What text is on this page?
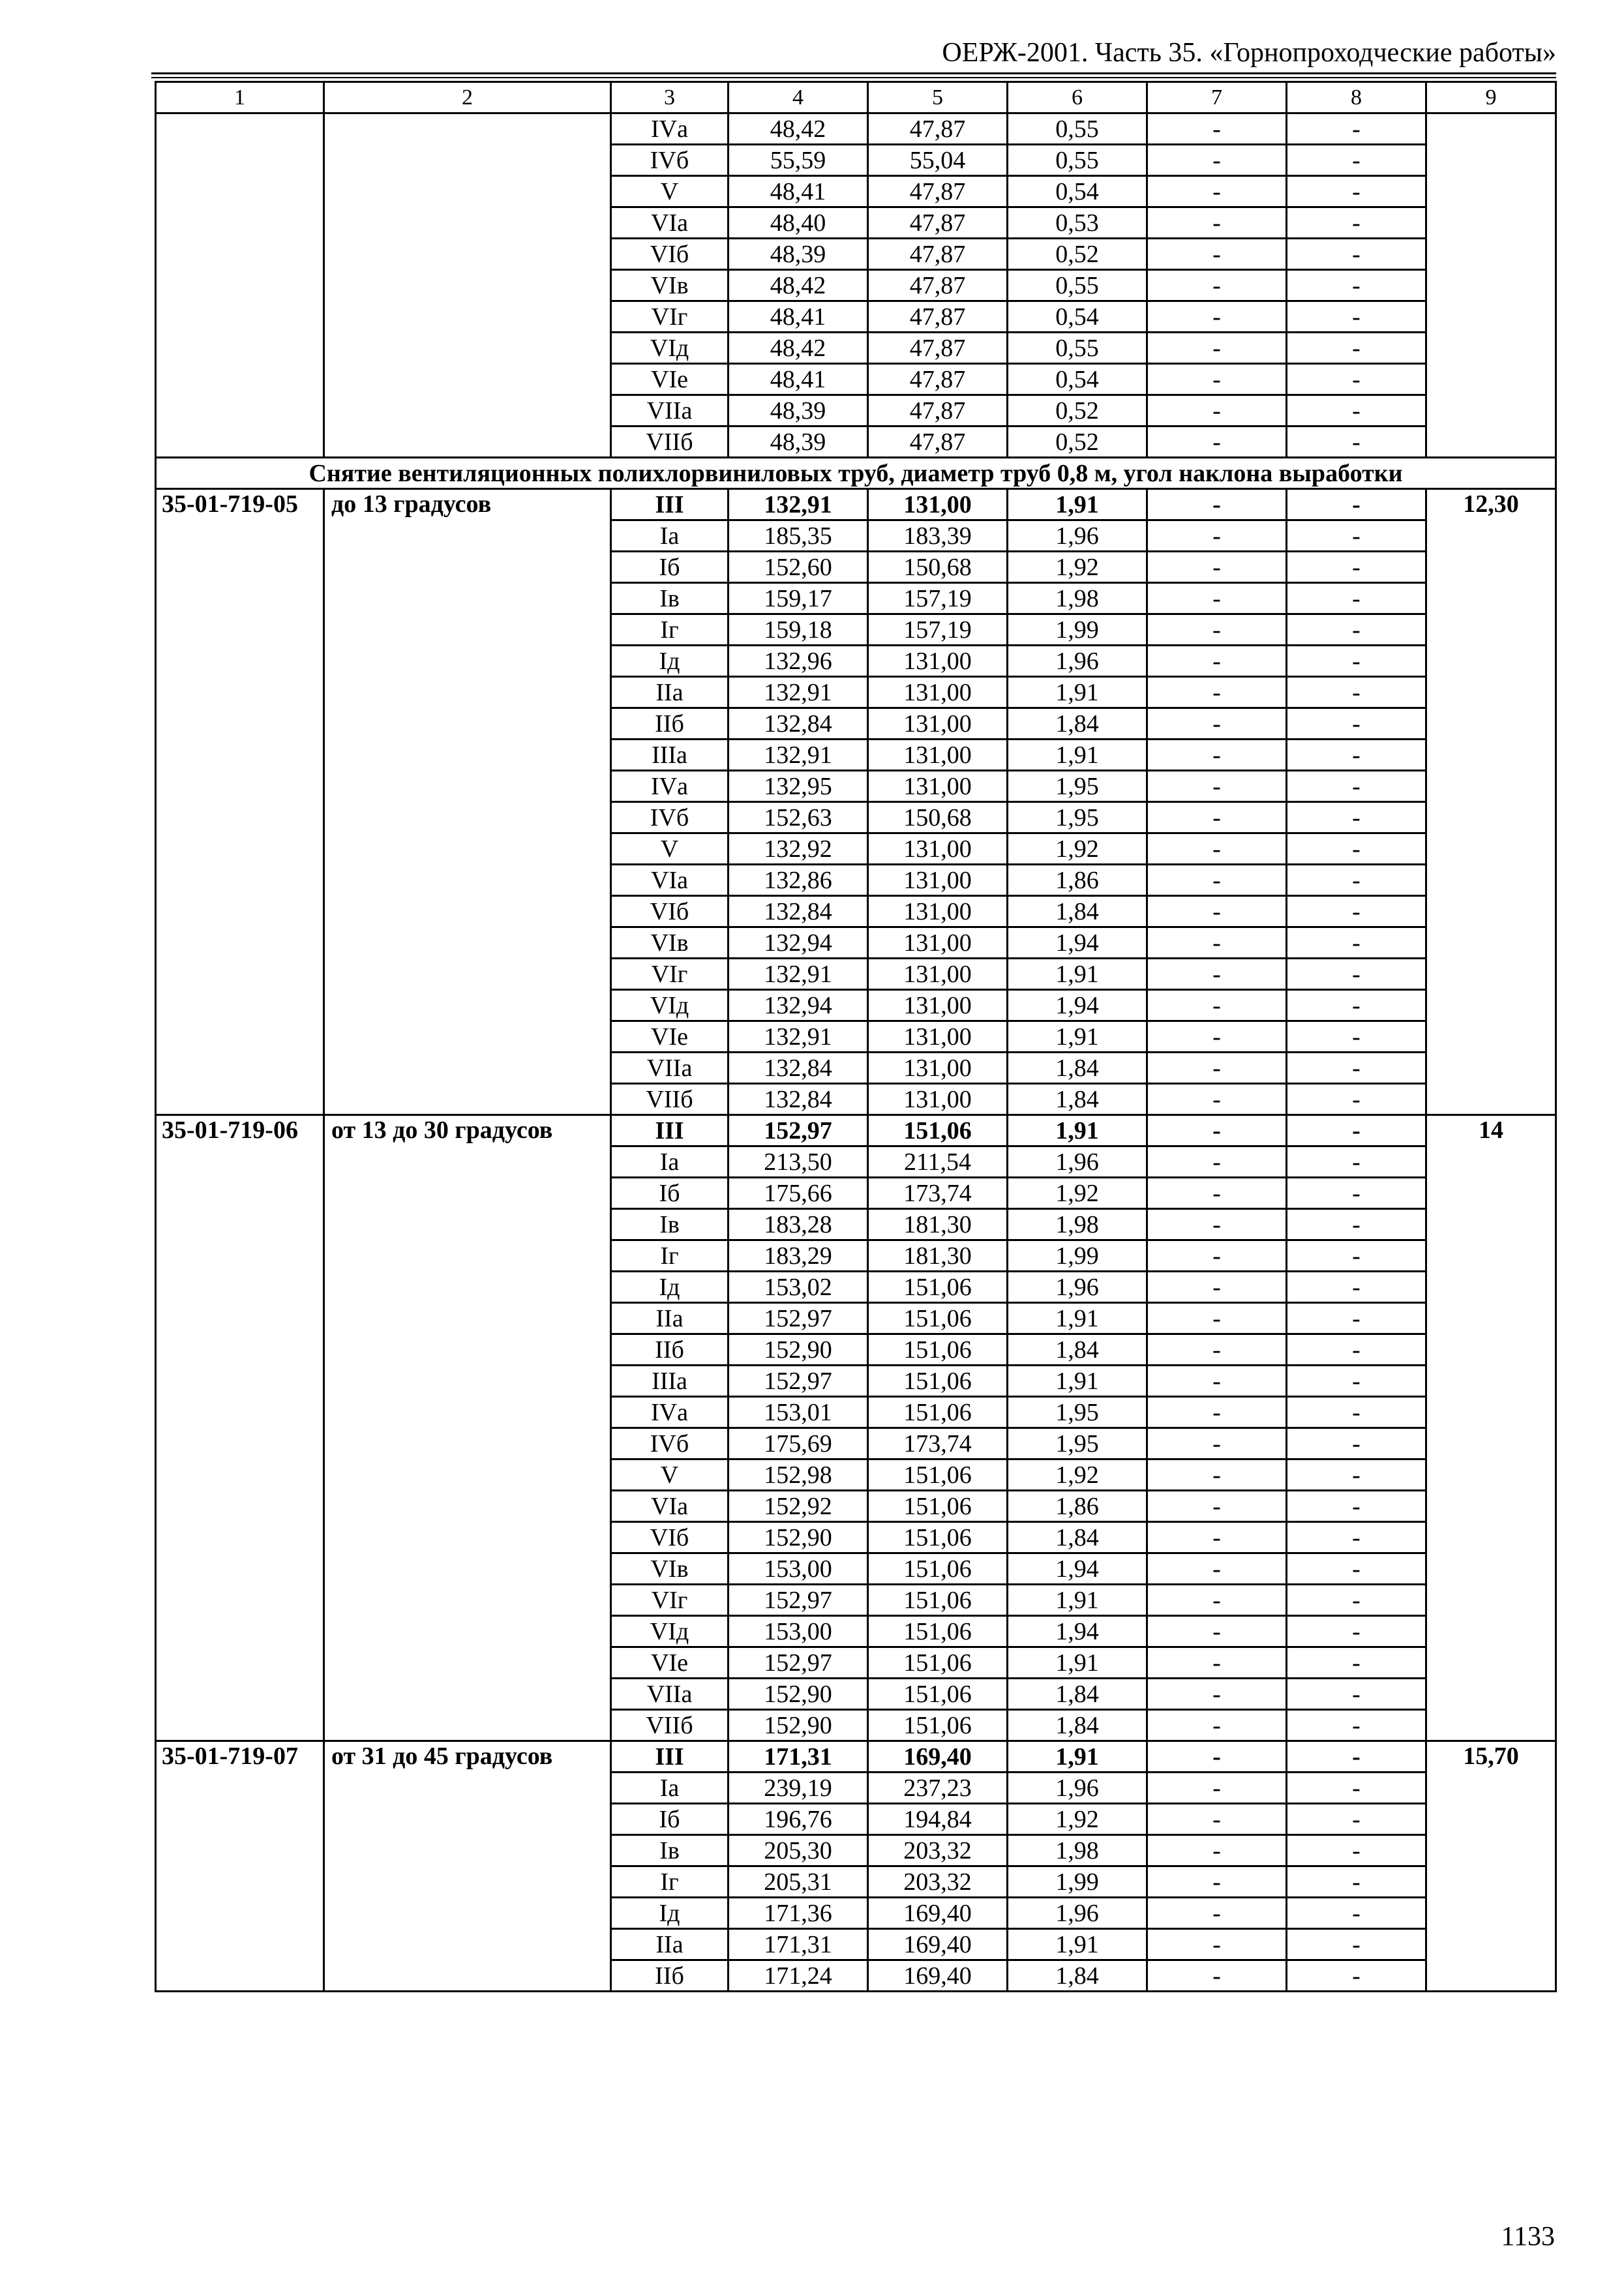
ОЕРЖ-2001. Часть 35. «Горнопроходческие работы»
1	2	3	4	5	6	7	8	9
		IVа	48,42	47,87	0,55	-	-	
		IVб	55,59	55,04	0,55	-	-	
		V	48,41	47,87	0,54	-	-	
		VIа	48,40	47,87	0,53	-	-	
		VIб	48,39	47,87	0,52	-	-	
		VIв	48,42	47,87	0,55	-	-	
		VIг	48,41	47,87	0,54	-	-	
		VIд	48,42	47,87	0,55	-	-	
		VIе	48,41	47,87	0,54	-	-	
		VIIа	48,39	47,87	0,52	-	-	
		VIIб	48,39	47,87	0,52	-	-	
Снятие вентиляционных полихлорвиниловых труб, диаметр труб 0,8 м, угол наклона выработки								
35-01-719-05	до 13 градусов	III	132,91	131,00	1,91	-	-	12,30
		Iа	185,35	183,39	1,96	-	-	
		Iб	152,60	150,68	1,92	-	-	
		Iв	159,17	157,19	1,98	-	-	
		Iг	159,18	157,19	1,99	-	-	
		Iд	132,96	131,00	1,96	-	-	
		IIа	132,91	131,00	1,91	-	-	
		IIб	132,84	131,00	1,84	-	-	
		IIIа	132,91	131,00	1,91	-	-	
		IVа	132,95	131,00	1,95	-	-	
		IVб	152,63	150,68	1,95	-	-	
		V	132,92	131,00	1,92	-	-	
		VIа	132,86	131,00	1,86	-	-	
		VIб	132,84	131,00	1,84	-	-	
		VIв	132,94	131,00	1,94	-	-	
		VIг	132,91	131,00	1,91	-	-	
		VIд	132,94	131,00	1,94	-	-	
		VIе	132,91	131,00	1,91	-	-	
		VIIа	132,84	131,00	1,84	-	-	
		VIIб	132,84	131,00	1,84	-	-	
35-01-719-06	от 13 до 30 градусов	III	152,97	151,06	1,91	-	-	14
		Iа	213,50	211,54	1,96	-	-	
		Iб	175,66	173,74	1,92	-	-	
		Iв	183,28	181,30	1,98	-	-	
		Iг	183,29	181,30	1,99	-	-	
		Iд	153,02	151,06	1,96	-	-	
		IIа	152,97	151,06	1,91	-	-	
		IIб	152,90	151,06	1,84	-	-	
		IIIа	152,97	151,06	1,91	-	-	
		IVа	153,01	151,06	1,95	-	-	
		IVб	175,69	173,74	1,95	-	-	
		V	152,98	151,06	1,92	-	-	
		VIа	152,92	151,06	1,86	-	-	
		VIб	152,90	151,06	1,84	-	-	
		VIв	153,00	151,06	1,94	-	-	
		VIг	152,97	151,06	1,91	-	-	
		VIд	153,00	151,06	1,94	-	-	
		VIе	152,97	151,06	1,91	-	-	
		VIIа	152,90	151,06	1,84	-	-	
		VIIб	152,90	151,06	1,84	-	-	
35-01-719-07	от 31 до 45 градусов	III	171,31	169,40	1,91	-	-	15,70
		Iа	239,19	237,23	1,96	-	-	
		Iб	196,76	194,84	1,92	-	-	
		Iв	205,30	203,32	1,98	-	-	
		Iг	205,31	203,32	1,99	-	-	
		Iд	171,36	169,40	1,96	-	-	
		IIа	171,31	169,40	1,91	-	-	
		IIб	171,24	169,40	1,84	-	-	
1133
